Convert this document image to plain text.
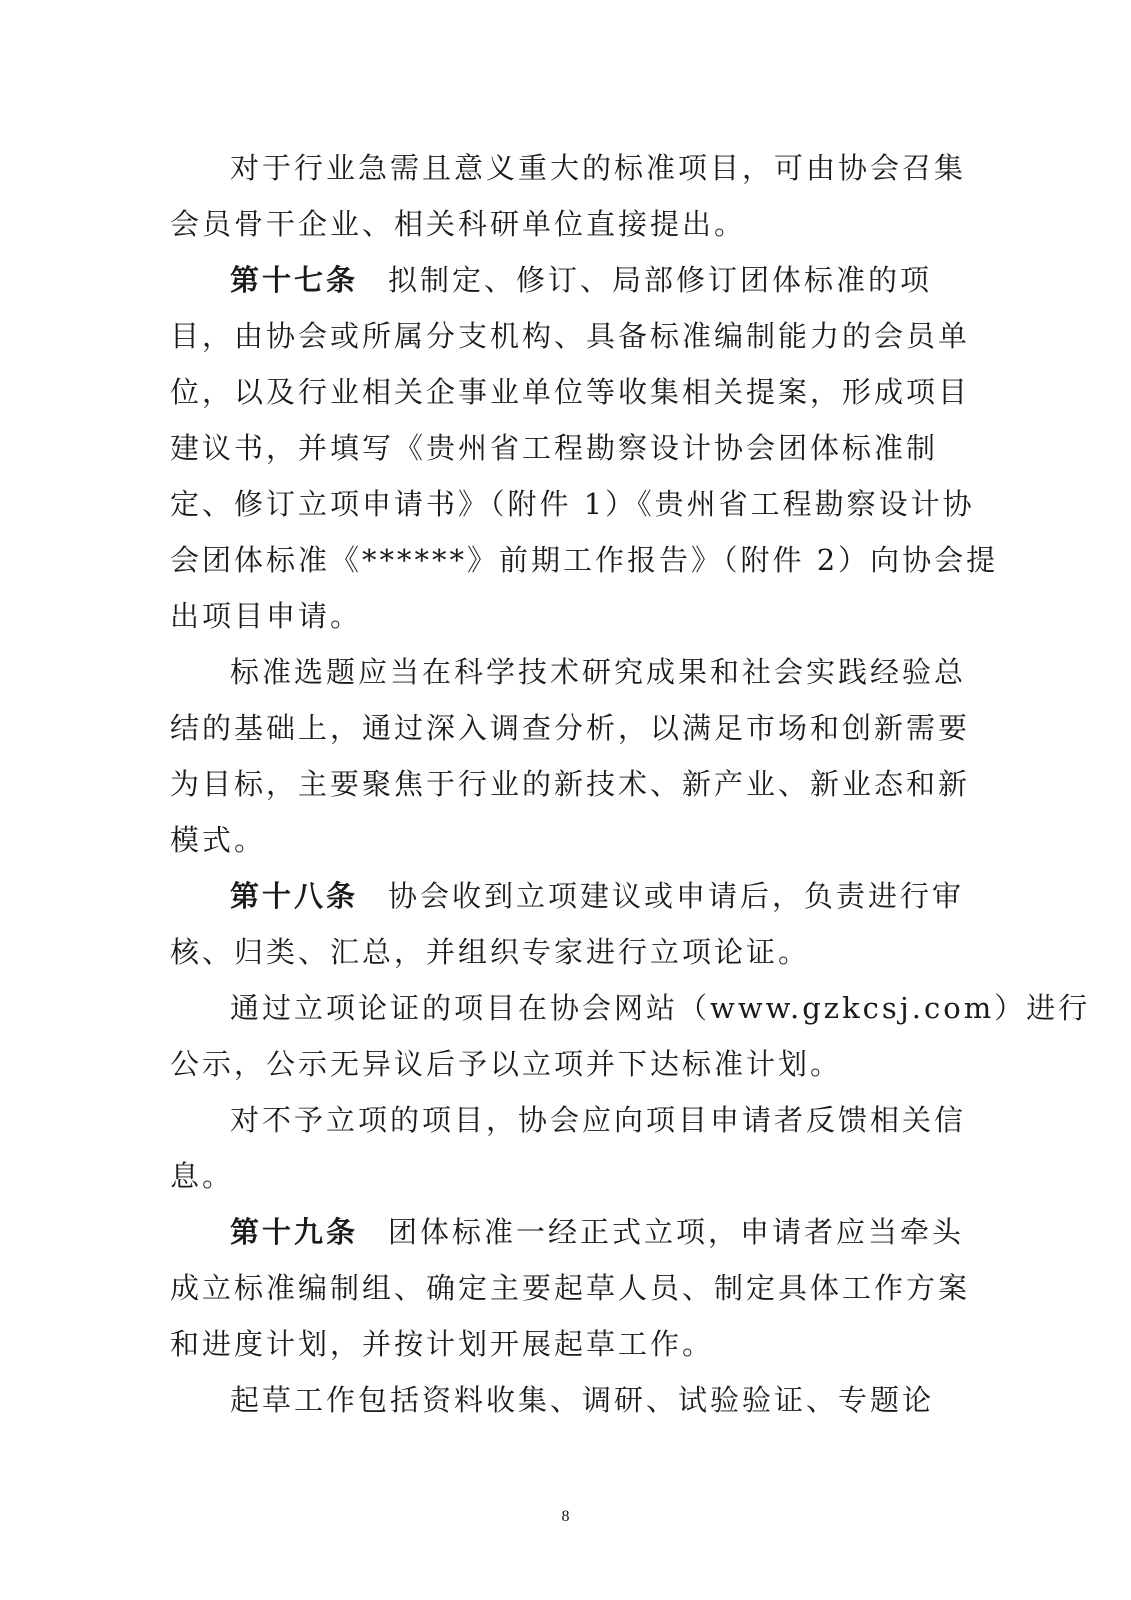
对于行业急需且意义重大的标准项目，可由协会召集

会员骨干企业、相关科研单位直接提出。

第十七条 拟制定、修订、局部修订团体标准的项

目，由协会或所属分支机构、具备标准编制能力的会员单

位，以及行业相关企事业单位等收集相关提案，形成项目

建议书，并填写《贵州省工程勘察设计协会团体标准制

定、修订立项申请书》（附件 1）《贵州省工程勘察设计协

会团体标准《******》前期工作报告》（附件 2）向协会提

出项目申请。

标准选题应当在科学技术研究成果和社会实践经验总

结的基础上，通过深入调查分析，以满足市场和创新需要

为目标，主要聚焦于行业的新技术、新产业、新业态和新

模式。

第十八条 协会收到立项建议或申请后，负责进行审

核、归类、汇总，并组织专家进行立项论证。

通过立项论证的项目在协会网站（www.gzkcsj.com）进行

公示，公示无异议后予以立项并下达标准计划。

对不予立项的项目，协会应向项目申请者反馈相关信

息。

第十九条 团体标准一经正式立项，申请者应当牵头

成立标准编制组、确定主要起草人员、制定具体工作方案

和进度计划，并按计划开展起草工作。

起草工作包括资料收集、调研、试验验证、专题论

8
